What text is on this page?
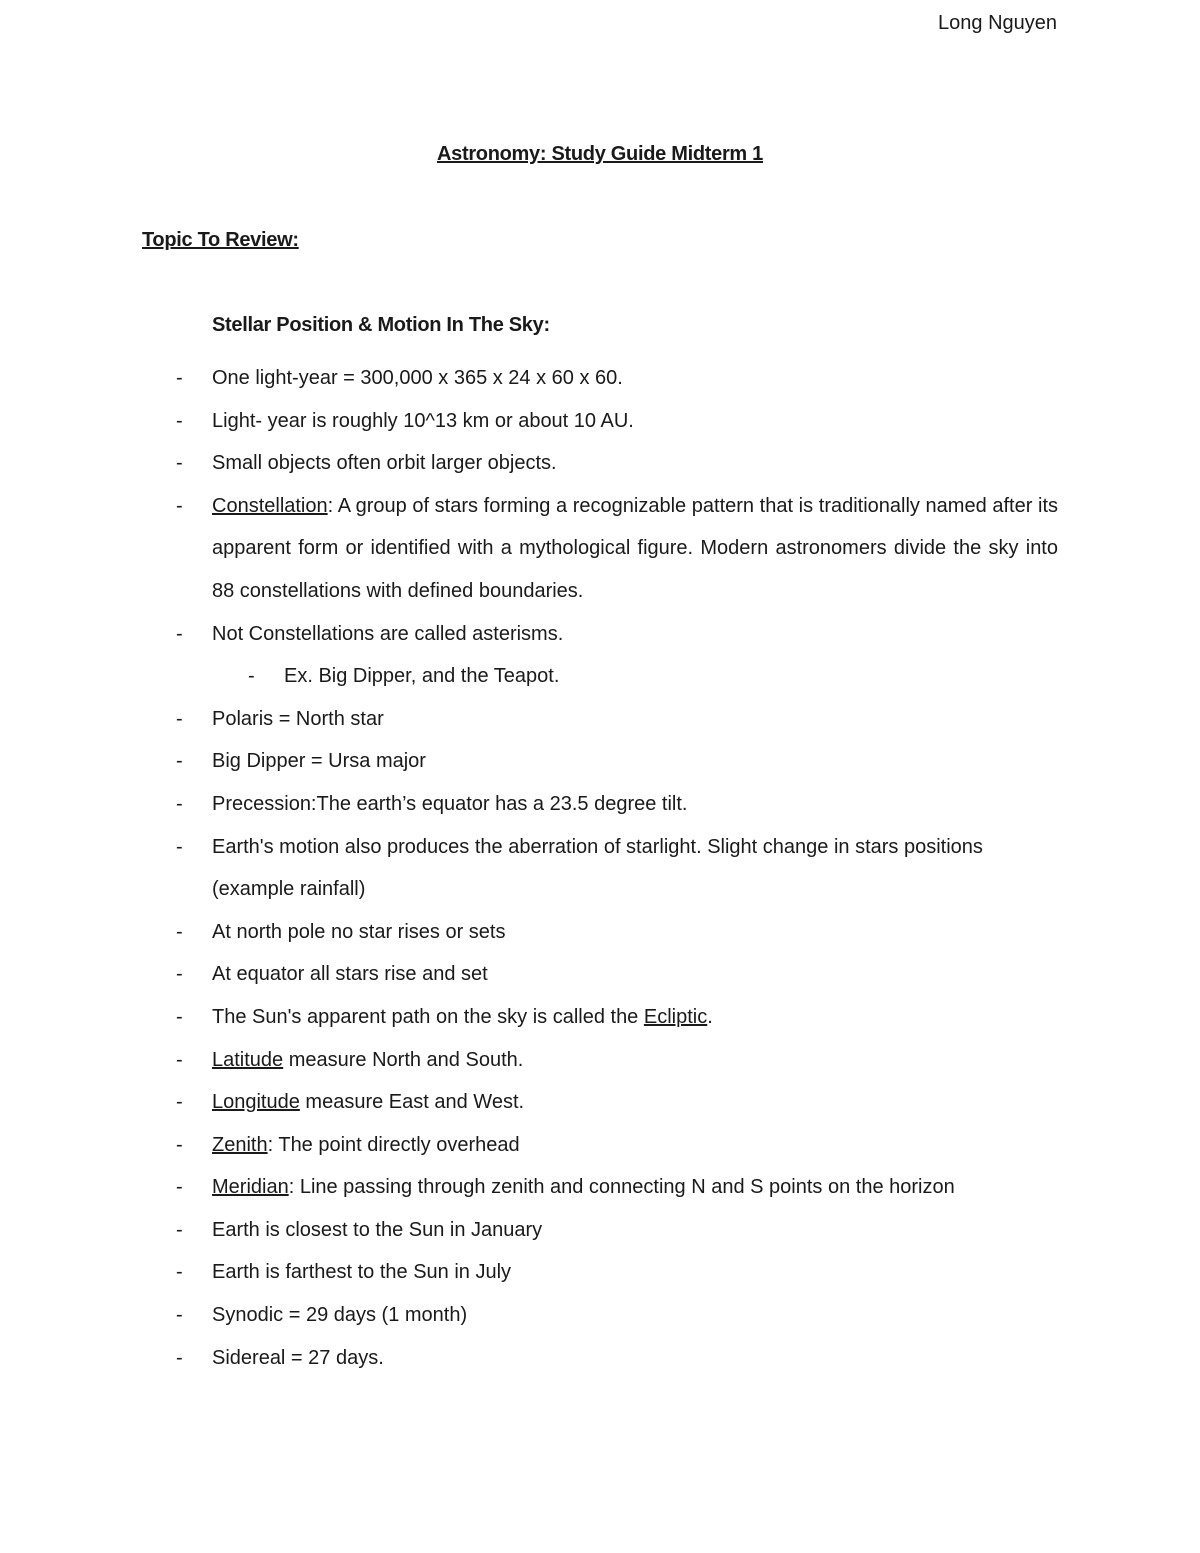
Long Nguyen
Astronomy: Study Guide Midterm 1
Topic To Review:
Stellar Position & Motion In The Sky:
- One light-year = 300,000 x 365 x 24 x 60 x 60.
- Light- year is roughly 10^13 km or about 10 AU.
- Small objects often orbit larger objects.
- Constellation: A group of stars forming a recognizable pattern that is traditionally named after its apparent form or identified with a mythological figure. Modern astronomers divide the sky into 88 constellations with defined boundaries.
- Not Constellations are called asterisms.
- Ex. Big Dipper, and the Teapot.
- Polaris = North star
- Big Dipper = Ursa major
- Precession:The earth’s equator has a 23.5 degree tilt.
- Earth's motion also produces the aberration of starlight. Slight change in stars positions (example rainfall)
- At north pole no star rises or sets
- At equator all stars rise and set
- The Sun's apparent path on the sky is called the Ecliptic.
- Latitude measure North and South.
- Longitude measure East and West.
- Zenith: The point directly overhead
- Meridian: Line passing through zenith and connecting N and S points on the horizon
- Earth is closest to the Sun in January
- Earth is farthest to the Sun in July
- Synodic = 29 days (1 month)
- Sidereal = 27 days.
